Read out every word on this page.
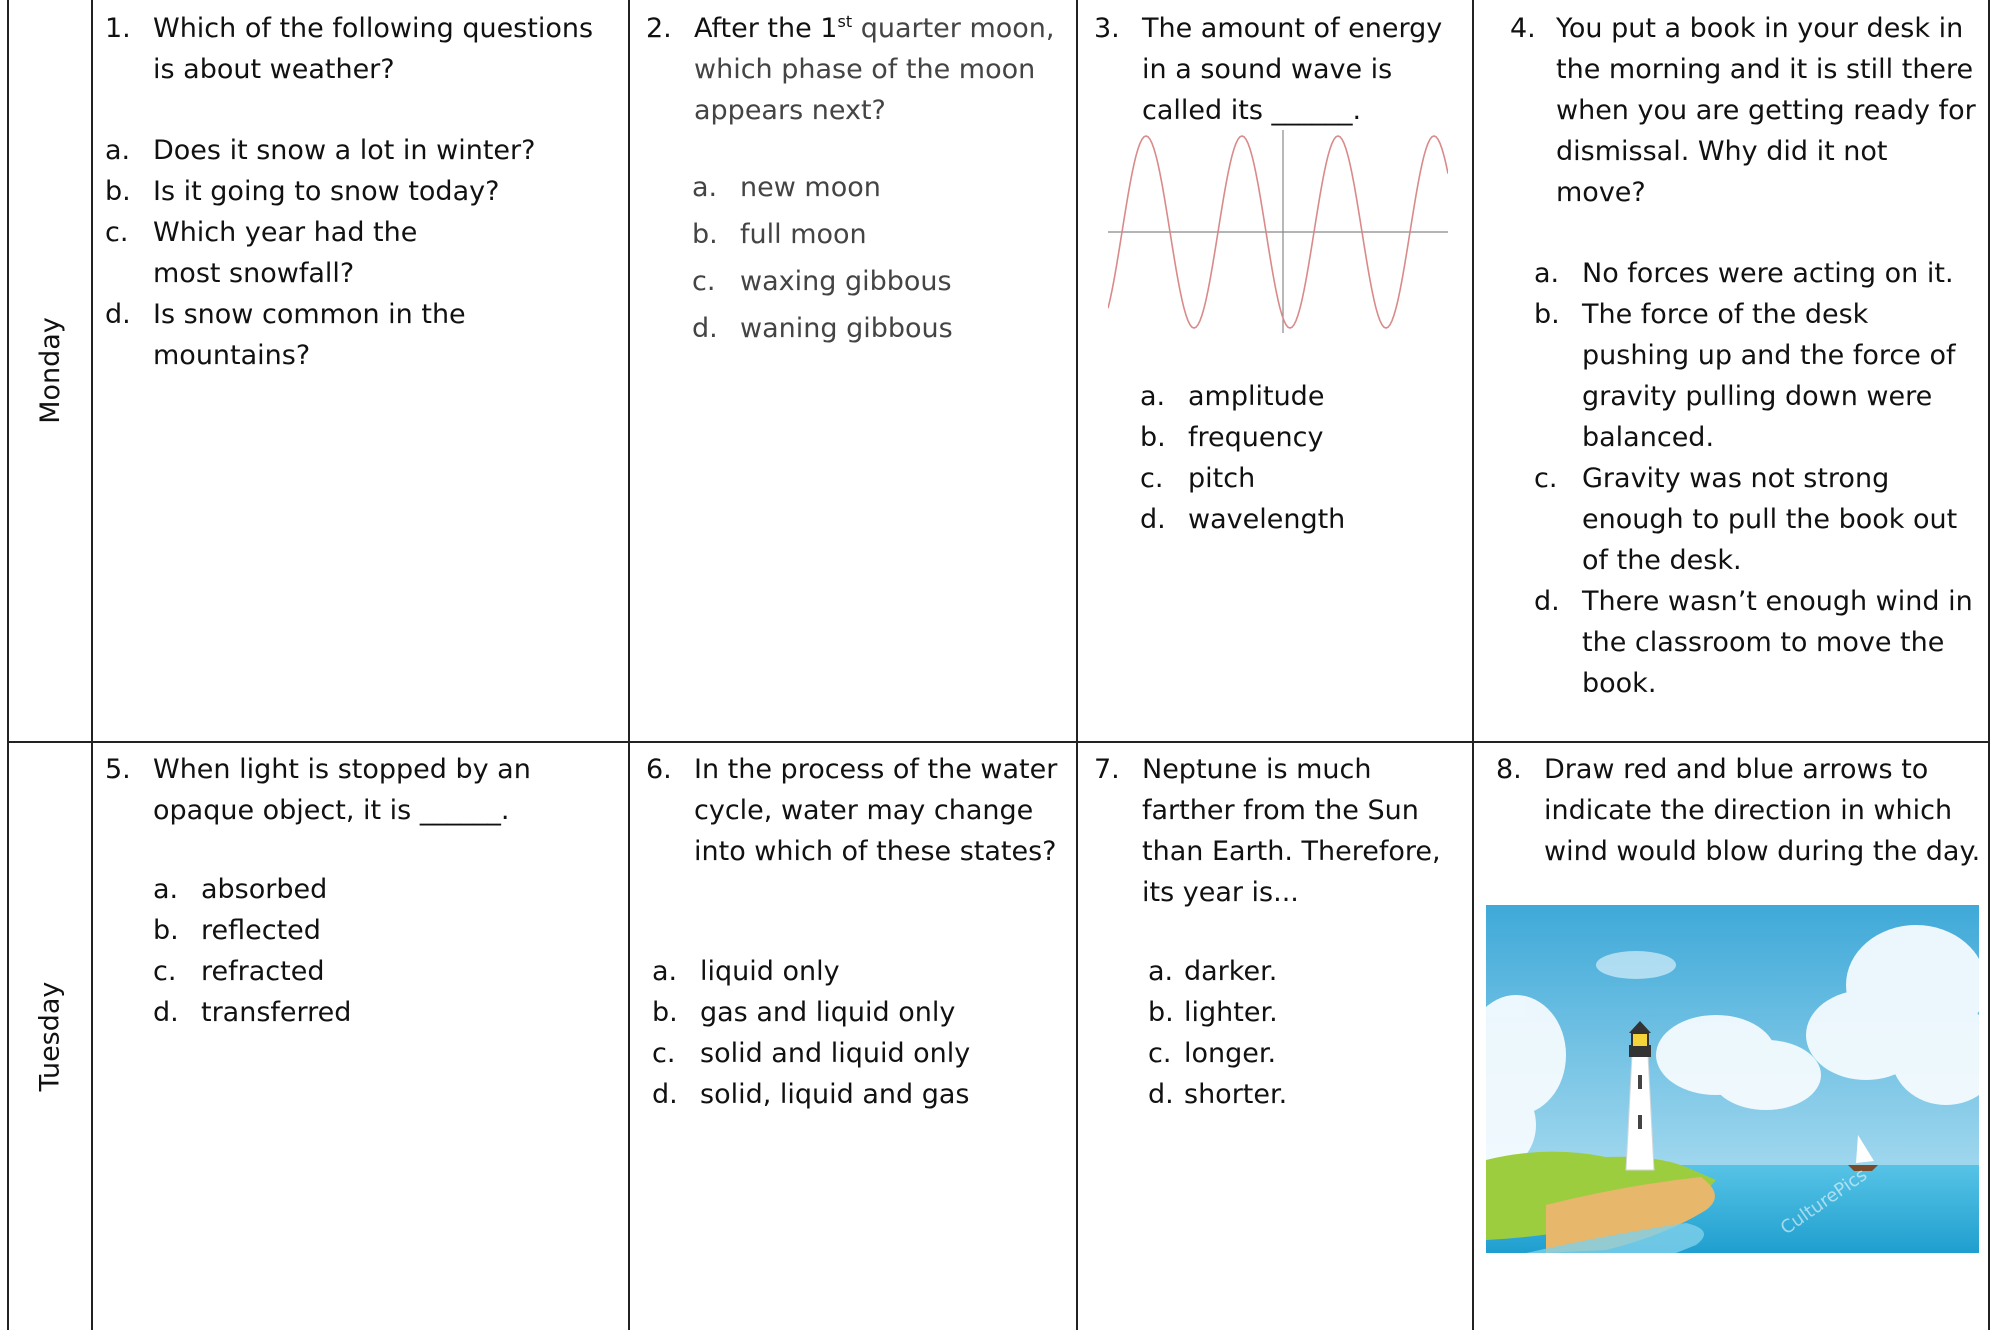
Monday
1. Which of the following questions is about weather?
a. Does it snow a lot in winter?
b. Is it going to snow today?
c. Which year had the most snowfall?
d. Is snow common in the mountains?
2. After the 1st quarter moon, which phase of the moon appears next?
a. new moon
b. full moon
c. waxing gibbous
d. waning gibbous
3. The amount of energy in a sound wave is called its ______.
a. amplitude
b. frequency
c. pitch
d. wavelength
4. You put a book in your desk in the morning and it is still there when you are getting ready for dismissal. Why did it not move?
a. No forces were acting on it.
b. The force of the desk pushing up and the force of gravity pulling down were balanced.
c. Gravity was not strong enough to pull the book out of the desk.
d. There wasn’t enough wind in the classroom to move the book.
Tuesday
5. When light is stopped by an opaque object, it is ______.
a. absorbed
b. reflected
c. refracted
d. transferred
6. In the process of the water cycle, water may change into which of these states?
a. liquid only
b. gas and liquid only
c. solid and liquid only
d. solid, liquid and gas
7. Neptune is much farther from the Sun than Earth. Therefore, its year is...
a. darker.
b. lighter.
c. longer.
d. shorter.
8. Draw red and blue arrows to indicate the direction in which wind would blow during the day.
CulturePics
